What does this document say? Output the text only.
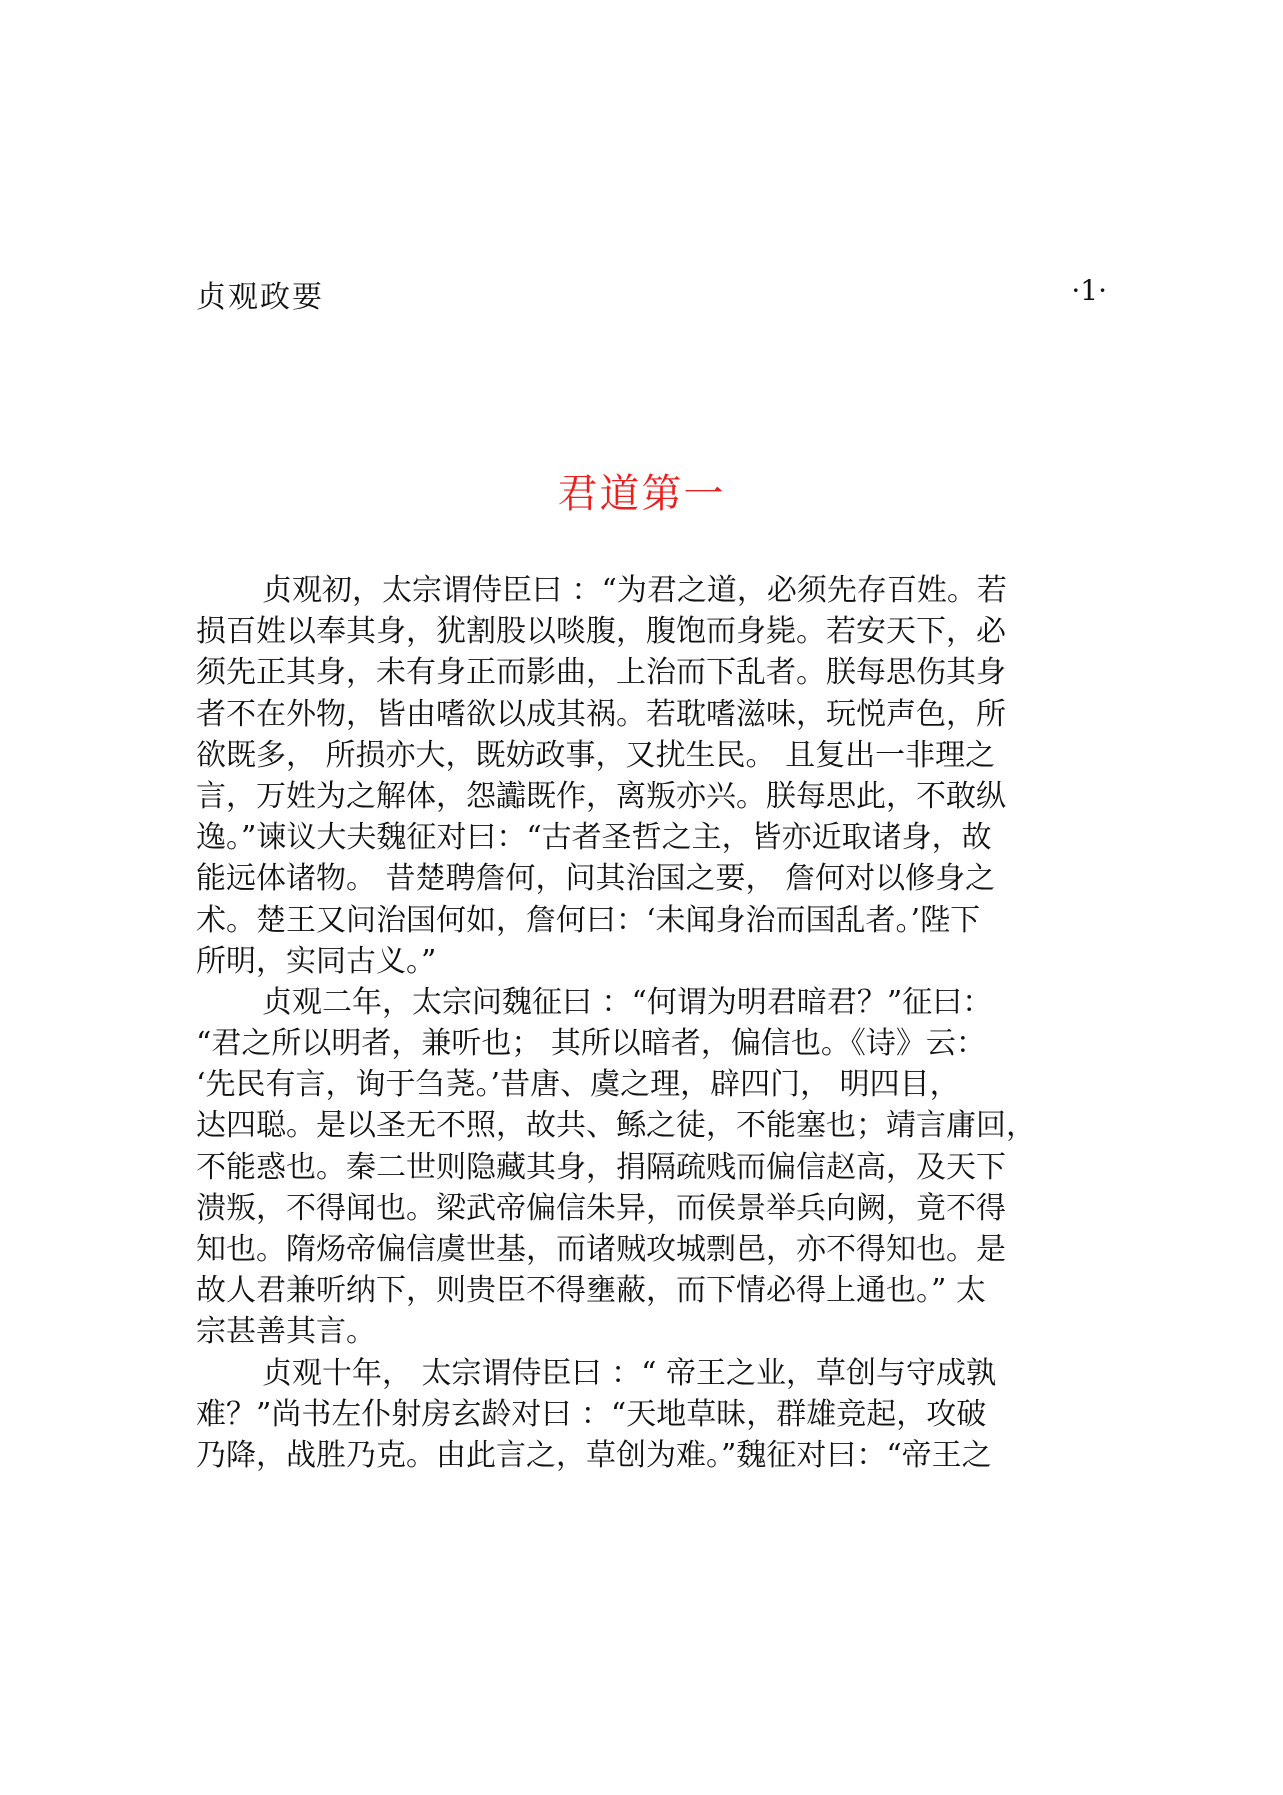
贞观政要	·1·
君道第一
贞观初，太宗谓侍臣曰 ：“为君之道，必须先存百姓。若
损百姓以奉其身，犹割股以啖腹，腹饱而身毙。若安天下，必
须先正其身，未有身正而影曲，上治而下乱者。朕每思伤其身
者不在外物，皆由嗜欲以成其祸。若耽嗜滋味，玩悦声色，所
欲既多， 所损亦大，既妨政事，又扰生民。 且复出一非理之
言，万姓为之解体，怨讟既作，离叛亦兴。朕每思此，不敢纵
逸。”谏议大夫魏征对曰：“古者圣哲之主，皆亦近取诸身，故
能远体诸物。 昔楚聘詹何，问其治国之要， 詹何对以修身之
术。楚王又问治国何如，詹何曰：‘未闻身治而国乱者。’陛下
所明，实同古义。”
贞观二年，太宗问魏征曰 ：“何谓为明君暗君？”征曰：
“君之所以明者，兼听也； 其所以暗者，偏信也。《诗》云：
‘先民有言，询于刍荛。’昔唐、虞之理，辟四门， 明四目，
达四聪。是以圣无不照，故共、鲧之徒，不能塞也；靖言庸回，
不能惑也。秦二世则隐藏其身，捐隔疏贱而偏信赵高，及天下
溃叛，不得闻也。梁武帝偏信朱异，而侯景举兵向阙，竟不得
知也。隋炀帝偏信虞世基，而诸贼攻城剽邑，亦不得知也。是
故人君兼听纳下，则贵臣不得壅蔽，而下情必得上通也。” 太
宗甚善其言。
贞观十年， 太宗谓侍臣曰 ：“ 帝王之业，草创与守成孰
难？”尚书左仆射房玄龄对曰 ：“天地草昧，群雄竞起，攻破
乃降，战胜乃克。由此言之，草创为难。”魏征对曰：“帝王之
